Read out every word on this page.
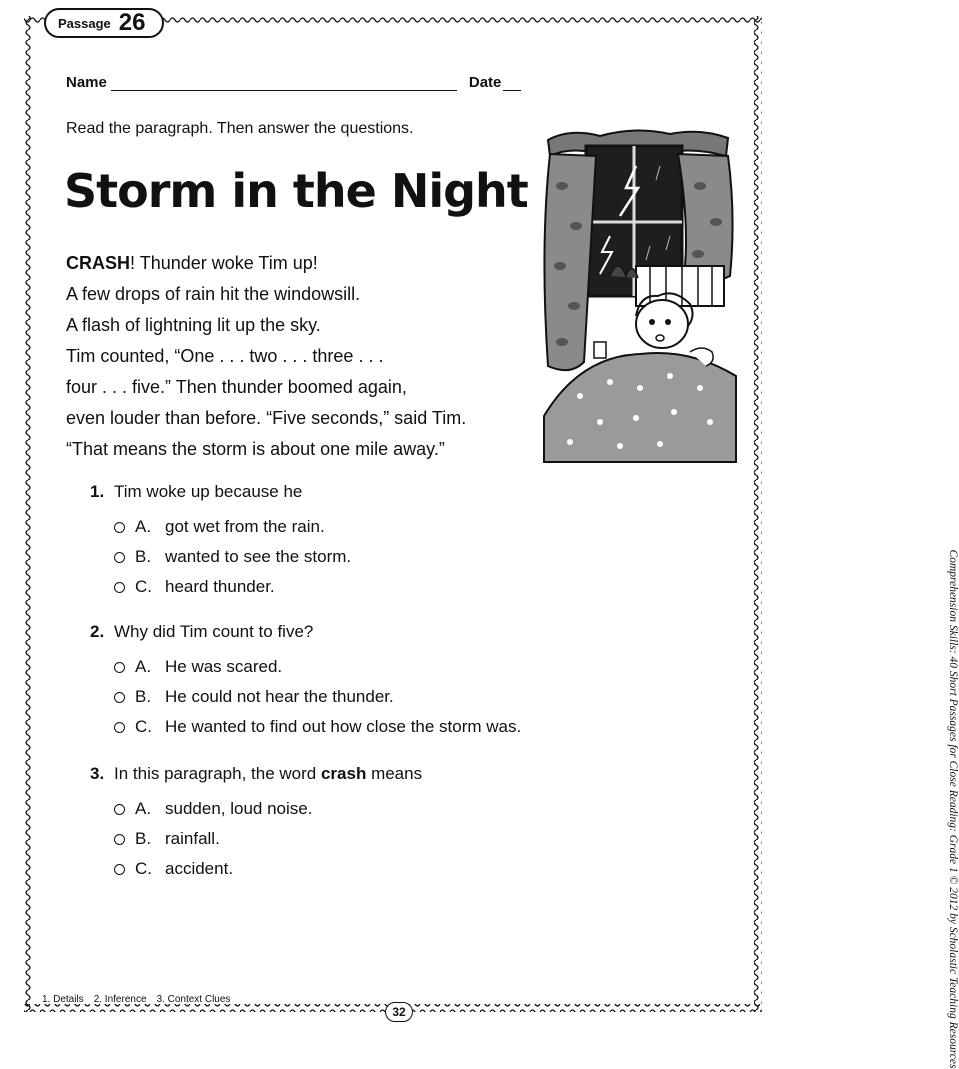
Passage 26
Name	Date
Read the paragraph. Then answer the questions.
Storm in the Night
CRASH! Thunder woke Tim up!
A few drops of rain hit the windowsill.
A flash of lightning lit up the sky.
Tim counted, “One . . . two . . . three . . .
four . . . five.” Then thunder boomed again,
even louder than before. “Five seconds,” said Tim.
“That means the storm is about one mile away.”
1. Tim woke up because he
A. got wet from the rain.
B. wanted to see the storm.
C. heard thunder.
2. Why did Tim count to five?
A. He was scared.
B. He could not hear the thunder.
C. He wanted to find out how close the storm was.
3. In this paragraph, the word crash means
A. sudden, loud noise.
B. rainfall.
C. accident.	Comprehension Skills: 40 Short Passages for Close Reading: Grade 1 © 2012 by Scholastic Teaching Resources
1. Details 2. Inference 3. Context Clues
32
